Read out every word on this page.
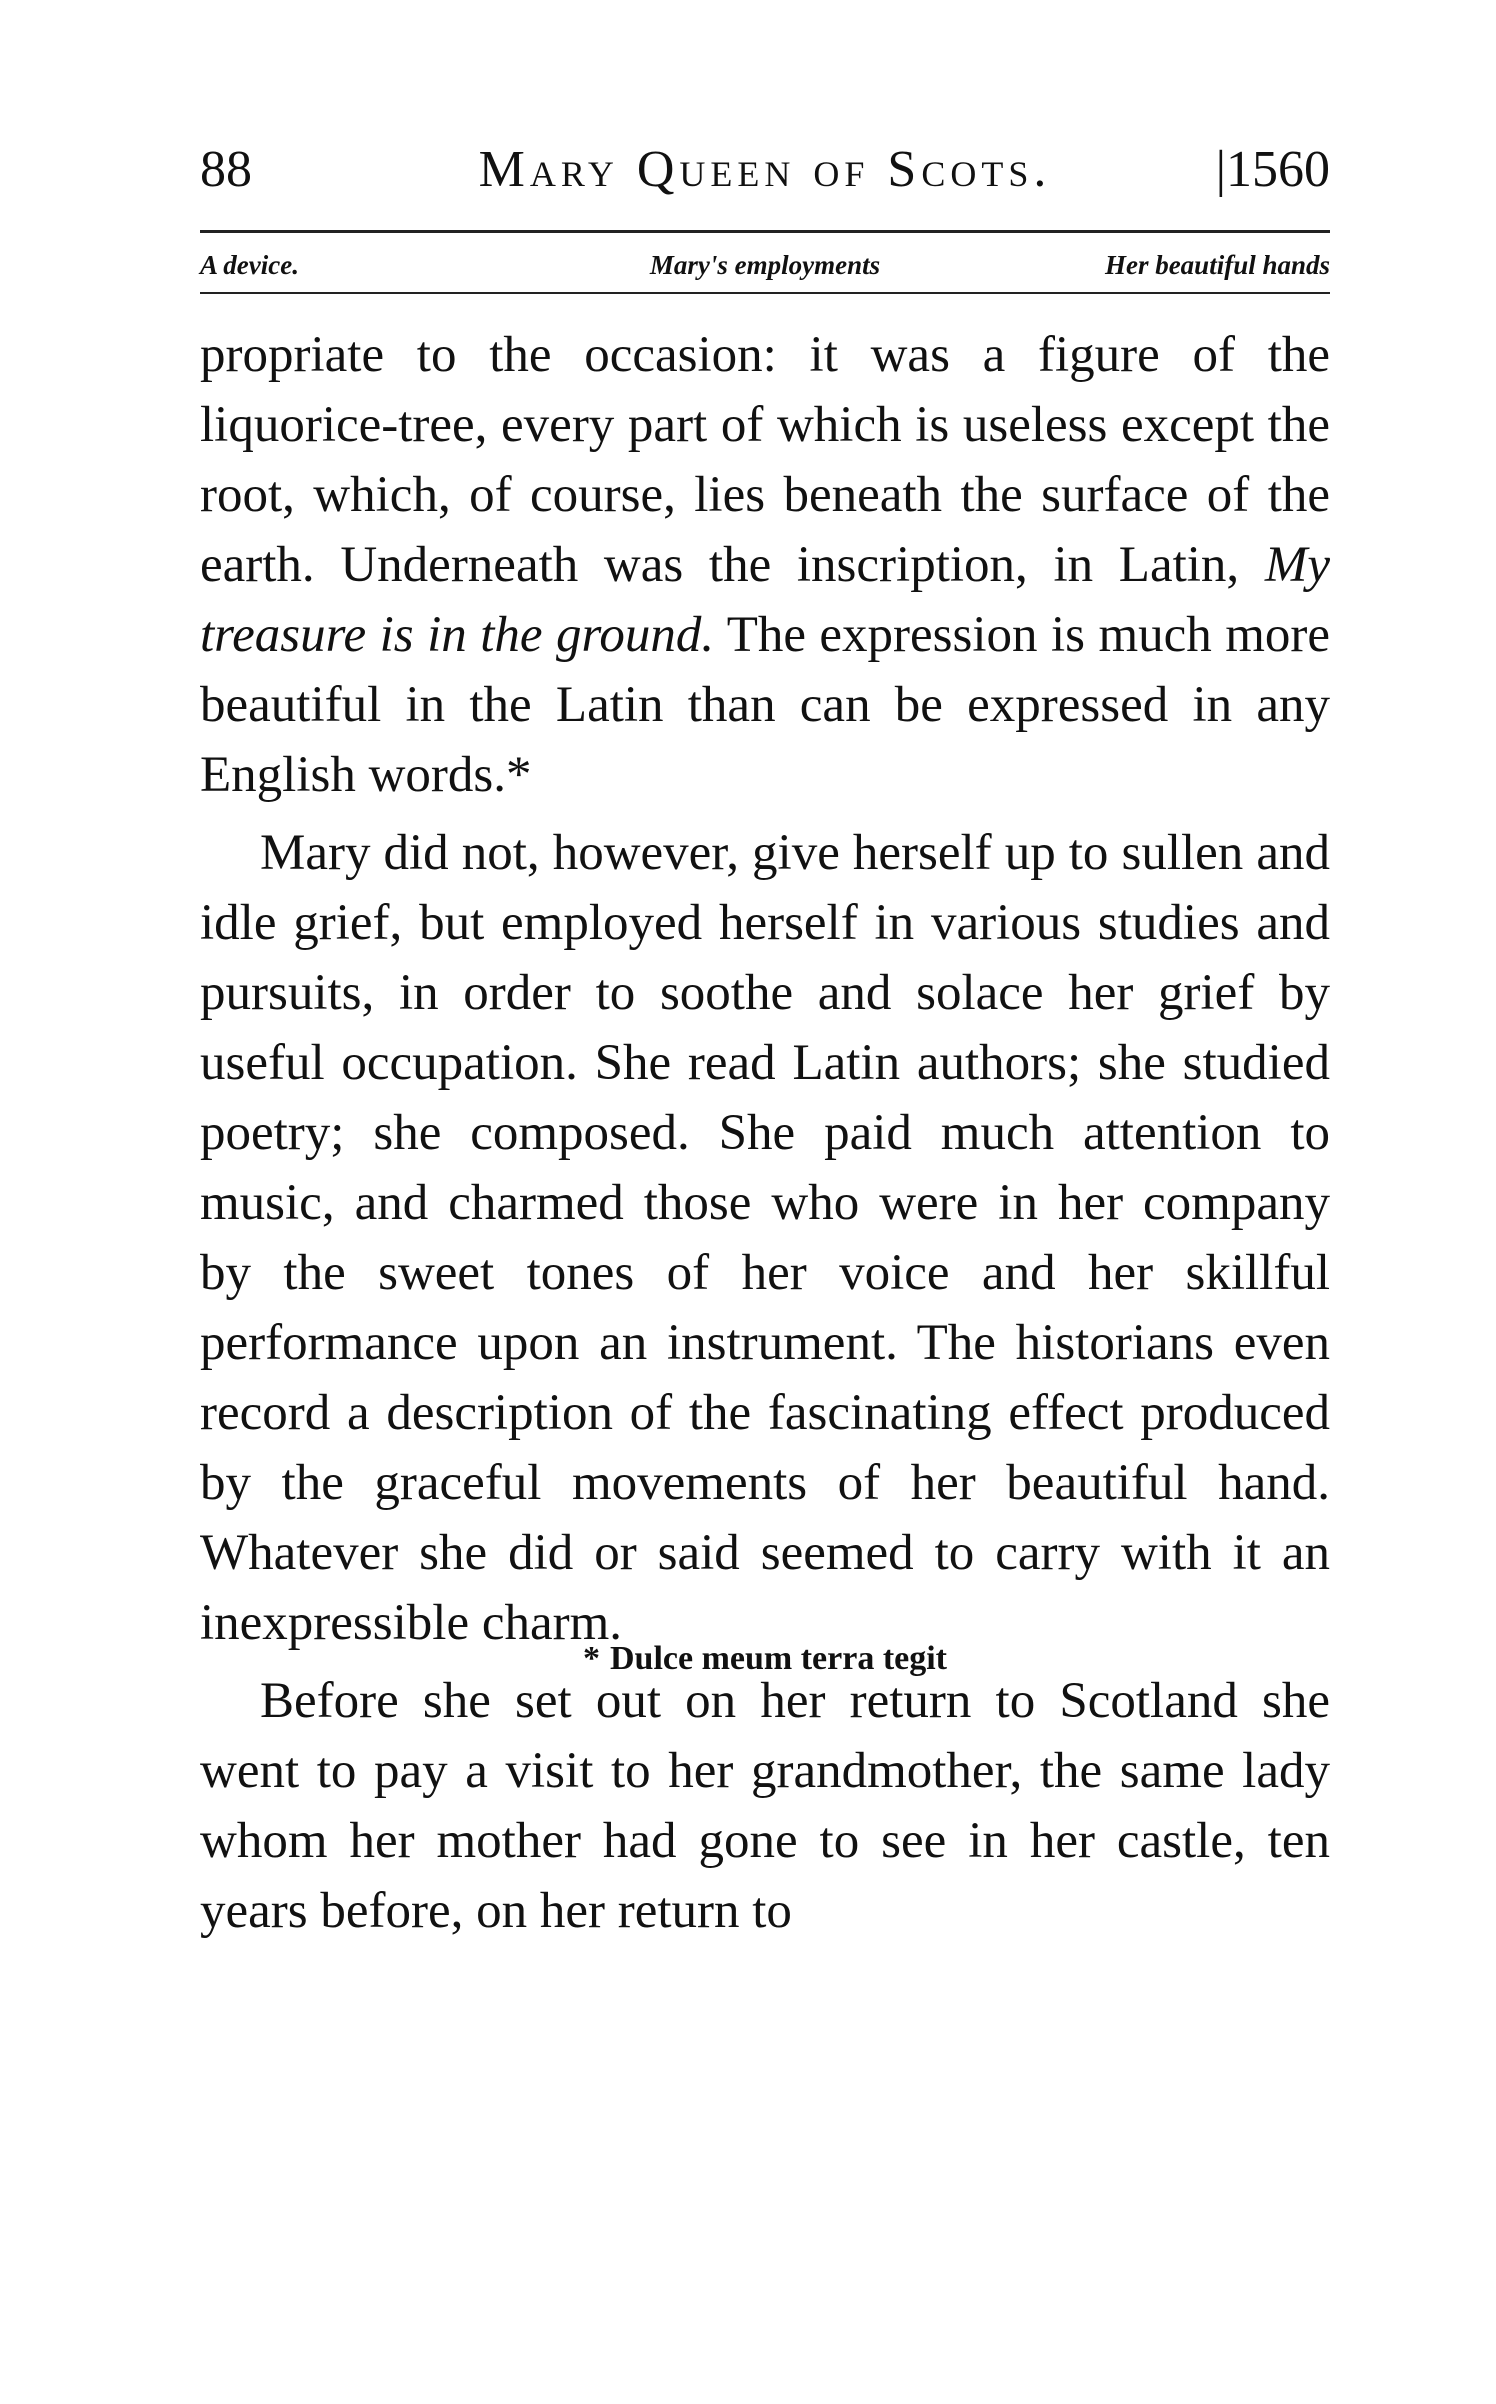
88	Mary Queen of Scots.	|1560
A device.	Mary's employments	Her beautiful hands

propriate to the occasion: it was a figure of the liquorice-tree, every part of which is useless except the root, which, of course, lies beneath the surface of the earth. Underneath was the inscription, in Latin, My treasure is in the ground. The expression is much more beautiful in the Latin than can be expressed in any English words.*

Mary did not, however, give herself up to sullen and idle grief, but employed herself in various studies and pursuits, in order to soothe and solace her grief by useful occupation. She read Latin authors; she studied poetry; she composed. She paid much attention to music, and charmed those who were in her company by the sweet tones of her voice and her skillful performance upon an instrument. The historians even record a description of the fascinating effect produced by the graceful movements of her beautiful hand. Whatever she did or said seemed to carry with it an inexpressible charm.

Before she set out on her return to Scotland she went to pay a visit to her grandmother, the same lady whom her mother had gone to see in her castle, ten years before, on her return to

* Dulce meum terra tegit
